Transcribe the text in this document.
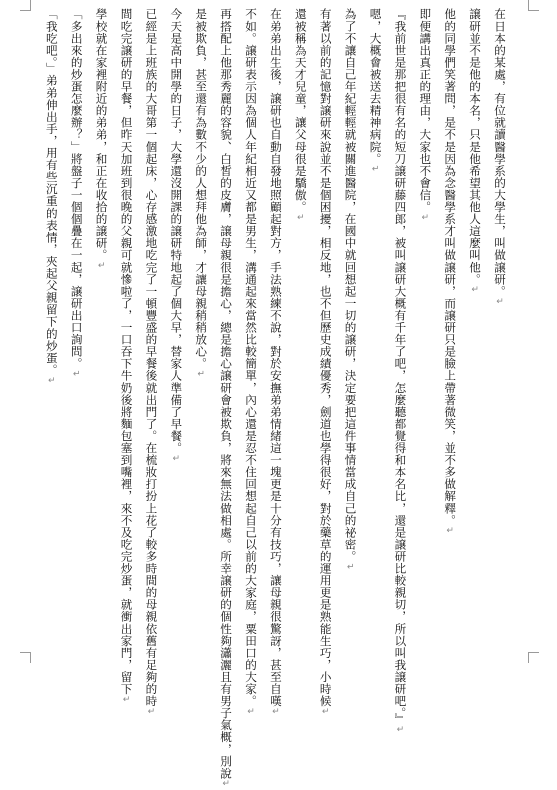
在日本的某處，有位就讀醫學系的大學生，叫做譲研。↵
譲研並不是他的本名，只是他希望其他人這麼叫他。↵
他的同學們笑著問，是不是因為念醫學系才叫做譲研，而譲研只是臉上帶著微笑，並不多做解釋。↵
即便講出真正的理由，大家也不會信。↵
『我前世是那把很有名的短刀譲研藤四郎，被叫譲研大概有千年了吧，怎麼聽都覺得和本名比，還是譲研比較親切，所以叫我譲研吧。』↵
嗯，大概會被送去精神病院。↵
為了不讓自己年紀輕輕就被關進醫院，在國中就回想起一切的譲研，決定要把這件事情當成自己的祕密。↵
有著以前的記憶對譲研來說並不是個困擾，相反地，也不但歷史成績優秀，劍道也學得很好，對於藥草的運用更是熟能生巧，小時候↵
還被稱為天才兒童，讓父母很是驕傲。↵
在弟弟出生後，譲研也自動自發地照顧起對方，手法熟練不說，對於安撫弟弟情緒這一塊更是十分有技巧，讓母親很驚訝，甚至自嘆↵
不如。譲研表示因為個人年紀相近又都是男生，溝通起來當然比較簡單，內心還是忍不住回想起自己以前的大家庭，粟田口的大家。↵
再搭配上他那秀麗的容貌、白皙的皮膚，譲母親很是擔心，總是擔心譲研會被欺負，將來無法做相處。所幸譲研的個性夠瀟灑且有男子氣概，別說↵
是被欺負，甚至還有為數不少的人想拜他為師，才讓母親稍稍放心。↵
今天是高中開學的日子，大學還沒開課的譲研特地起了個大早，替家人準備了早餐。↵
已經是上班族的大哥第一個起床，心存感激地吃完了一頓豐盛的早餐後就出門了。在梳妝打扮上花了較多時間的母親依舊有足夠的時↵
間吃完譲研的早餐，但昨天加班到很晚的父親可就慘啦了，一口吞下牛奶後將麵包塞到嘴裡，來不及吃完炒蛋，就衝出家門，留下↵
學校就在家裡附近的弟弟，和正在收拾的譲研。↵
「多出來的炒蛋怎麼辦？」將盤子一個個疊在一起，譲研出口詢問。↵
「我吃吧。」弟弟伸出手，用有些沉重的表情，夾起父親留下的炒蛋。↵
